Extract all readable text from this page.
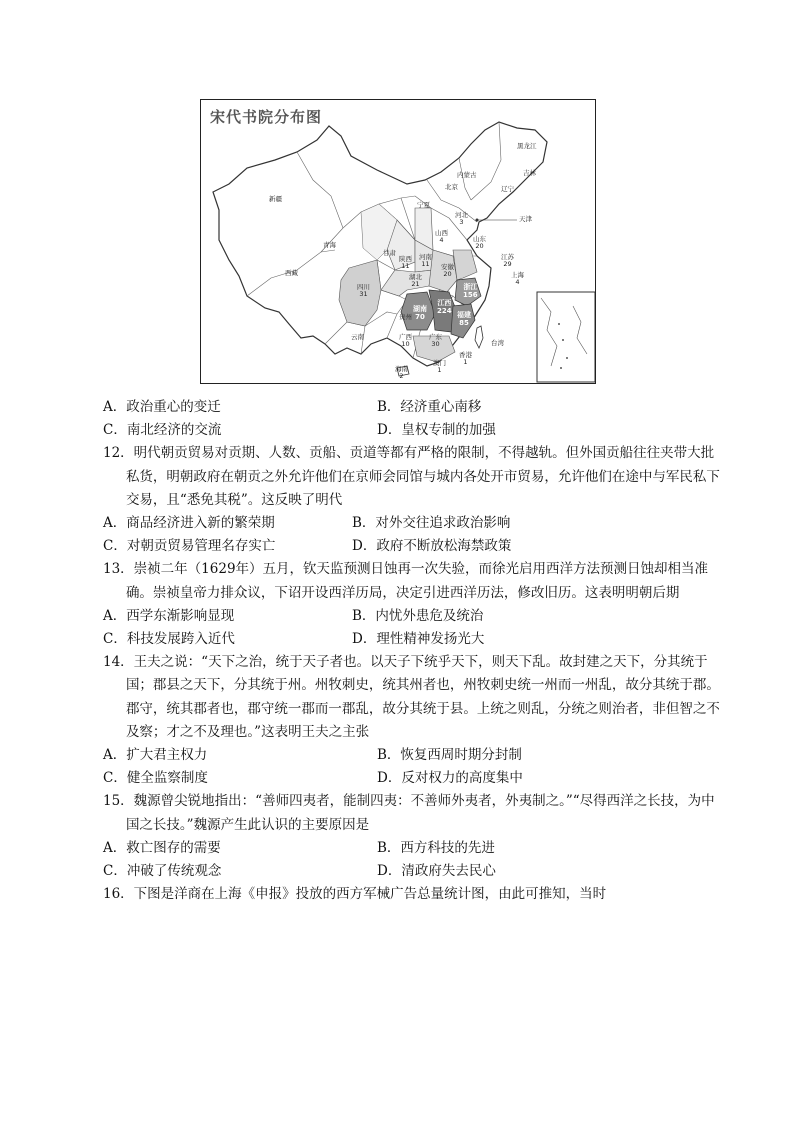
宋代书院分布图

黑龙江
吉林
辽宁
内蒙古
北京
新疆
宁夏
河北
3	天津
青海
甘肃
山西
4	山东
20
陕西
11
河南
11
江苏
29
西藏
四川
31
湖北
21
安徽
20	上海
4
湖南
70
江西
224
浙江
156
福建
85
贵州
云南	广西
10
广东
30	台湾
香港
1
澳门
1
海南
2

A．政治重心的变迁	B．经济重心南移

C．南北经济的交流	D．皇权专制的加强

12．明代朝贡贸易对贡期、人数、贡船、贡道等都有严格的限制，不得越轨。但外国贡船往往夹带大批私货，明朝政府在朝贡之外允许他们在京师会同馆与城内各处开市贸易，允许他们在途中与军民私下交易，且“悉免其税”。这反映了明代

A．商品经济进入新的繁荣期	B．对外交往追求政治影响

C．对朝贡贸易管理名存实亡	D．政府不断放松海禁政策

13．崇祯二年（1629年）五月，钦天监预测日蚀再一次失验，而徐光启用西洋方法预测日蚀却相当准确。崇祯皇帝力排众议，下诏开设西洋历局，决定引进西洋历法，修改旧历。这表明明朝后期

A．西学东渐影响显现	B．内忧外患危及统治

C．科技发展跨入近代	D．理性精神发扬光大

14．王夫之说：“天下之治，统于天子者也。以天子下统乎天下，则天下乱。故封建之天下，分其统于国；郡县之天下，分其统于州。州牧刺史，统其州者也，州牧刺史统一州而一州乱，故分其统于郡。郡守，统其郡者也，郡守统一郡而一郡乱，故分其统于县。上统之则乱，分统之则治者，非但智之不及察；才之不及理也。”这表明王夫之主张

A．扩大君主权力	B．恢复西周时期分封制

C．健全监察制度	D．反对权力的高度集中

15．魏源曾尖锐地指出：“善师四夷者，能制四夷：不善师外夷者，外夷制之。”“尽得西洋之长技，为中国之长技。”魏源产生此认识的主要原因是

A．救亡图存的需要	B．西方科技的先进

C．冲破了传统观念	D．清政府失去民心

16．下图是洋商在上海《申报》投放的西方军械广告总量统计图，由此可推知，当时
